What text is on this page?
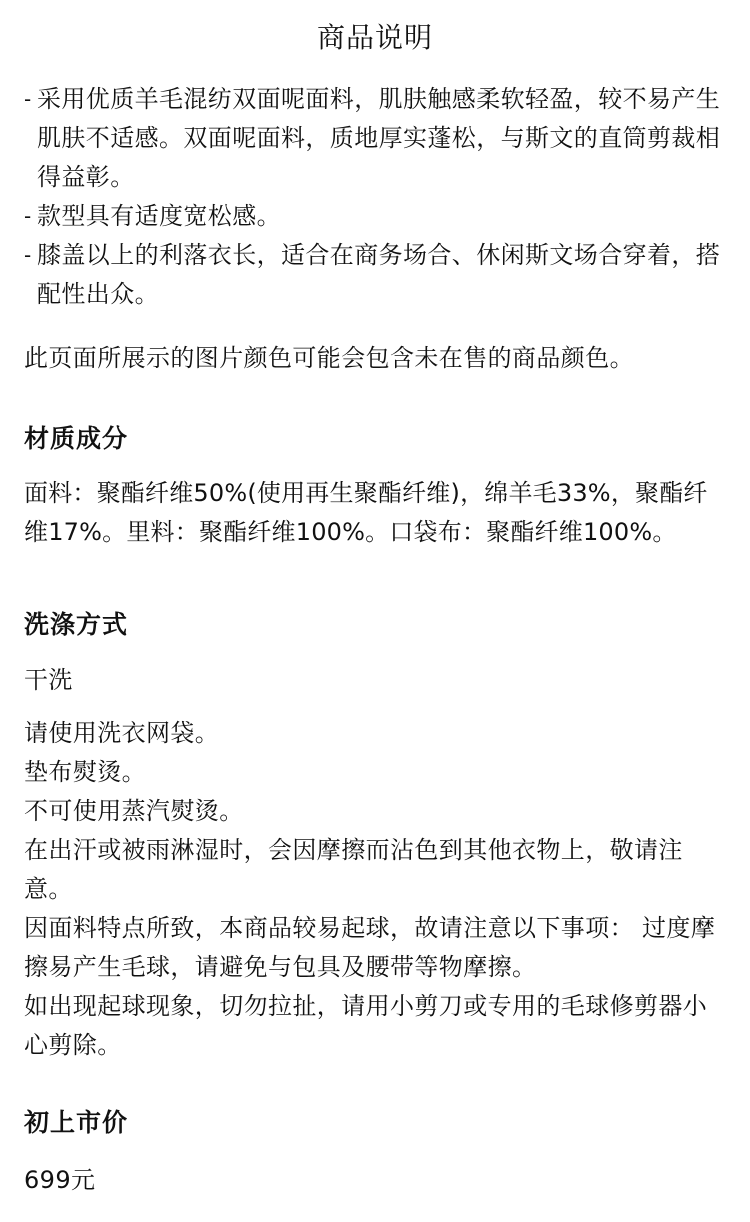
商品说明
- 采用优质羊毛混纺双面呢面料，肌肤触感柔软轻盈，较不易产生肌肤不适感。双面呢面料，质地厚实蓬松，与斯文的直筒剪裁相得益彰。
- 款型具有适度宽松感。
- 膝盖以上的利落衣长，适合在商务场合、休闲斯文场合穿着，搭配性出众。
此页面所展示的图片颜色可能会包含未在售的商品颜色。
材质成分
面料：聚酯纤维50%(使用再生聚酯纤维)，绵羊毛33%，聚酯纤维17%。里料：聚酯纤维100%。口袋布：聚酯纤维100%。
洗涤方式
干洗
请使用洗衣网袋。
垫布熨烫。
不可使用蒸汽熨烫。
在出汗或被雨淋湿时，会因摩擦而沾色到其他衣物上，敬请注意。
因面料特点所致，本商品较易起球，故请注意以下事项： 过度摩擦易产生毛球，请避免与包具及腰带等物摩擦。
如出现起球现象，切勿拉扯，请用小剪刀或专用的毛球修剪器小心剪除。
初上市价
699元
